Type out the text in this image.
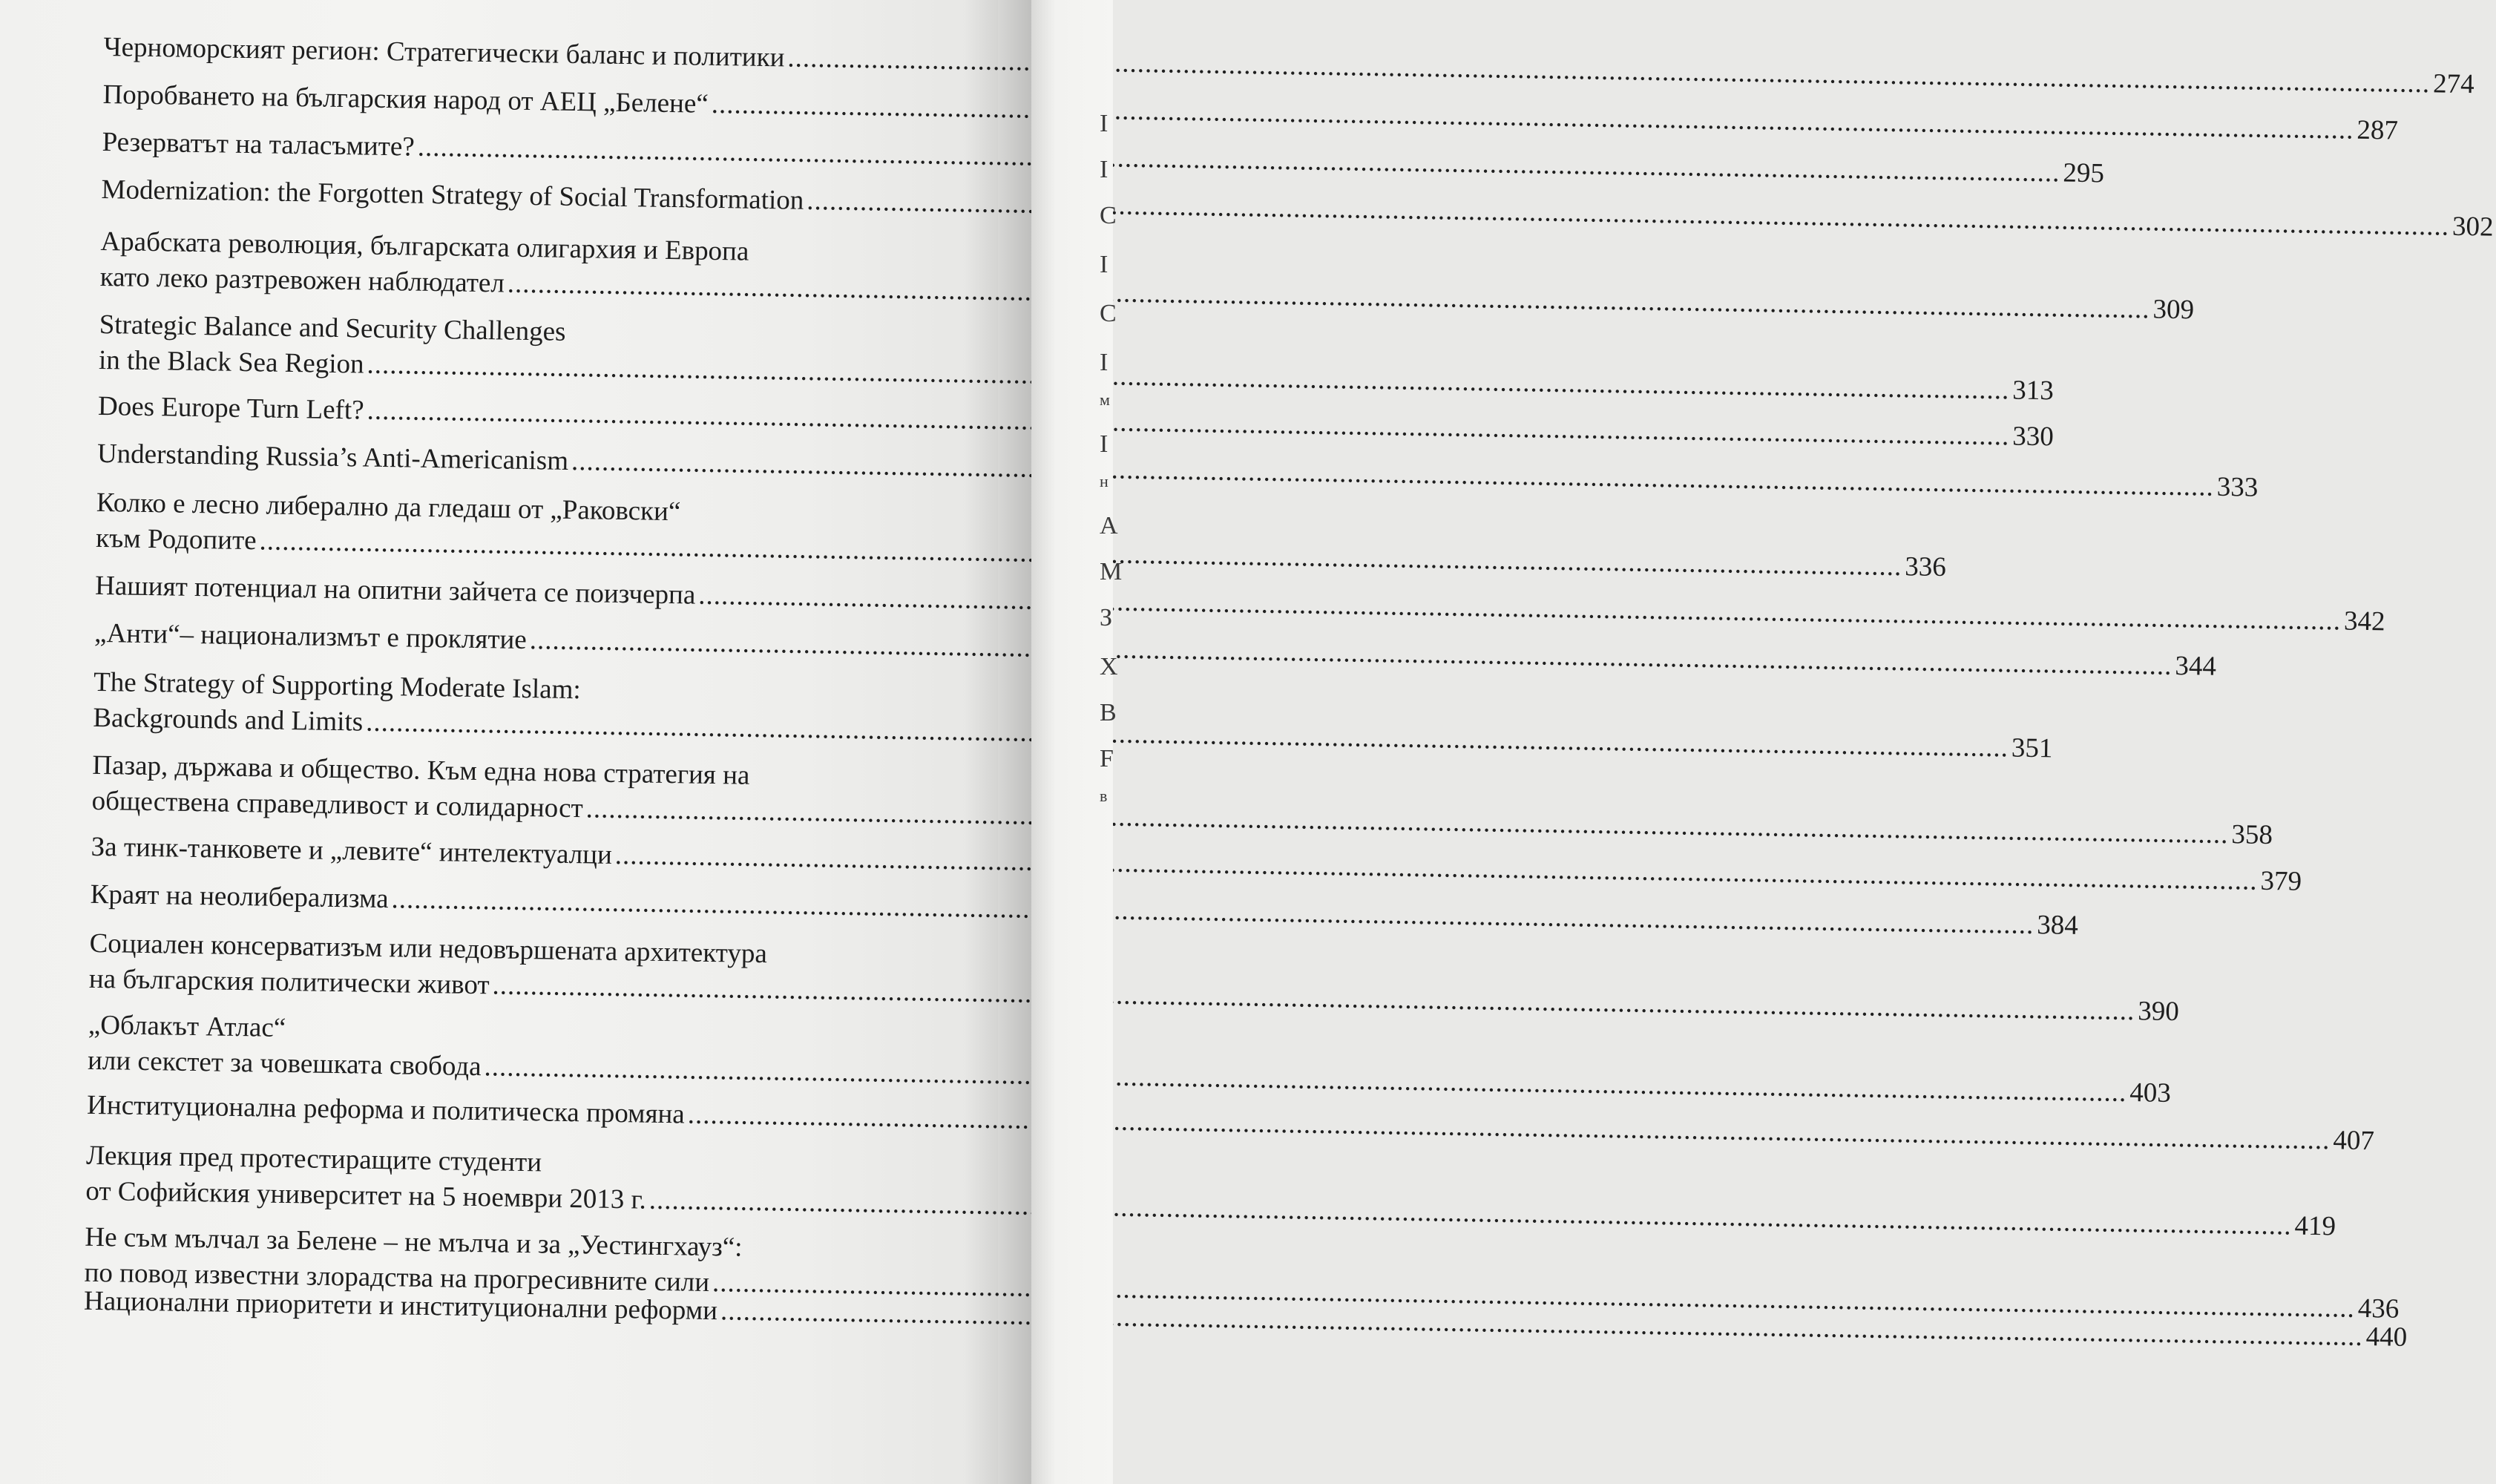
Черноморският регион: Стратегически баланс и политики
.....
274
Поробването на българския народ от АЕЦ „Белене“
.....
287
Резерватът на таласъмите?
.....
295
Modernization: the Forgotten Strategy of Social Transformation
.....
302
Арабската революция, българската олигархия и Европа
като леко разтревожен наблюдател
.....
309
Strategic Balance and Security Challenges
in the Black Sea Region
.....
313
Does Europe Turn Left?
.....
330
Understanding Russia’s Anti-Americanism
.....
333
Колко е лесно либерално да гледаш от „Раковски“
към Родопите
.....
336
Нашият потенциал на опитни зайчета се поизчерпа
.....
342
„Анти“– национализмът е проклятие
.....
344
The Strategy of Supporting Moderate Islam:
Backgrounds and Limits
.....
351
Пазар, държава и общество. Към една нова стратегия на
обществена справедливост и солидарност
.....
358
За тинк-танковете и „левите“ интелектуалци
.....
379
Краят на неолиберализма
.....
384
Социален консерватизъм или недовършената архитектура
на българския политически живот
.....
390
„Облакът Атлас“
или секстет за човешката свобода
.....
403
Институционална реформа и политическа промяна
.....
407
Лекция пред протестиращите студенти
от Софийския университет на 5 ноември 2013 г.
.....
419
Не съм мълчал за Белене – не мълча и за „Уестингхауз“:
по повод известни злорадства на прогресивните сили
.....
436
Национални приоритети и институционални реформи
.....
440
I
I
C
I
C
I
м
I
н
A
M
З
X
B
F
в
